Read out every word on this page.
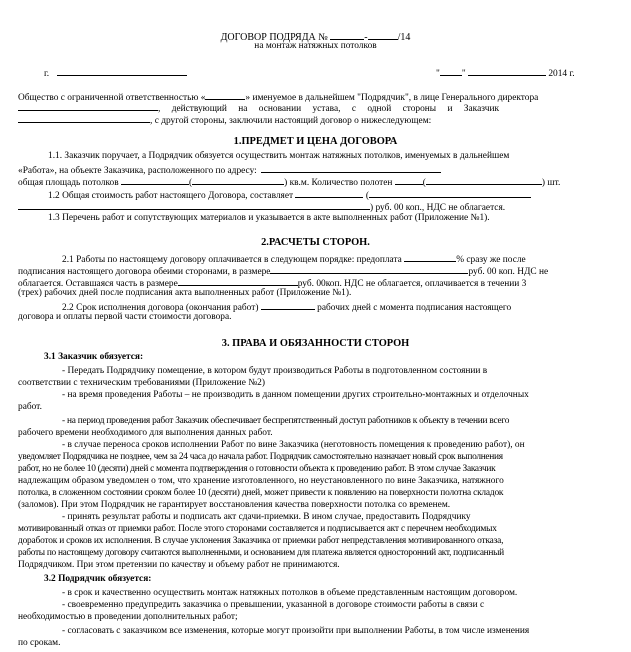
ДОГОВОР ПОДРЯДА №	-	/14
на монтаж натяжных потолков
г.	" "	2014 г.
Общество с ограниченной ответственностью «	» именуемое в дальнейшем "Подрядчик", в лице Генерального директора
, действующий на основании устава, с одной стороны и Заказчик
, с другой стороны, заключили настоящий договор о нижеследующем:
1.ПРЕДМЕТ И ЦЕНА ДОГОВОРА
1.1. Заказчик поручает, а Подрядчик обязуется осуществить монтаж натяжных потолков, именуемых в дальнейшем
«Работа», на объекте Заказчика, расположенного по адресу:
общая площадь потолков	(	) кв.м. Количество полотен	(	) шт.
1.2 Общая стоимость работ настоящего Договора, составляет	(
) руб. 00 коп., НДС не облагается.
1.3 Перечень работ и сопутствующих материалов и указывается в акте выполненных работ (Приложение №1).
2.РАСЧЕТЫ СТОРОН.
2.1 Работы по настоящему договору оплачивается в следующем порядке: предоплата	% сразу же после
подписания настоящего договора обеими сторонами, в размере	руб. 00 коп. НДС не
облагается. Оставшаяся часть в размере	руб. 00коп. НДС не облагается, оплачивается в течении 3
(трех) рабочих дней после подписания акта выполненных работ (Приложение №1).
2.2 Срок исполнения договора (окончания работ)	рабочих дней с момента подписания настоящего
договора и оплаты первой части стоимости договора.
3. ПРАВА И ОБЯЗАННОСТИ СТОРОН
3.1 Заказчик обязуется:
- Передать Подрядчику помещение, в котором будут производиться Работы в подготовленном состоянии в
соответствии с техническим требованиями (Приложение №2)
- на время проведения Работы – не производить в данном помещении других строительно-монтажных и отделочных
работ.
- на период проведения работ Заказчик обеспечивает беспрепятственный доступ работников к объекту в течении всего
рабочего времени необходимого для выполнения данных работ.
- в случае переноса сроков исполнении Работ по вине Заказчика (неготовность помещения к проведению работ), он
уведомляет Подрядчика не позднее, чем за 24 часа до начала работ. Подрядчик самостоятельно назначает новый срок выполнения
работ, но не более 10 (десяти) дней с момента подтверждения о готовности объекта к проведению работ. В этом случае Заказчик
надлежащим образом уведомлен о том, что хранение изготовленного, но неустановленного по вине Заказчика, натяжного
потолка, в сложенном состоянии сроком более 10 (десяти) дней, может привести к появлению на поверхности полотна складок
(заломов). При этом Подрядчик не гарантирует восстановления качества поверхности потолка со временем.
- принять результат работы и подписать акт сдачи-приемки. В ином случае, предоставить Подрядчику
мотивированный отказ от приемки работ. После этого сторонами составляется и подписывается акт с перечнем необходимых
доработок и сроков их исполнения. В случае уклонения Заказчика от приемки работ непредставления мотивированного отказа,
работы по настоящему договору считаются выполненными, и основанием для платежа является односторонний акт, подписанный
Подрядчиком. При этом претензии по качеству и объему работ не принимаются.
3.2 Подрядчик обязуется:
- в срок и качественно осуществить монтаж натяжных потолков в объеме представленным настоящим договором.
- своевременно предупредить заказчика о превышении, указанной в договоре стоимости работы в связи с
необходимостью в проведении дополнительных работ;
- согласовать с заказчиком все изменения, которые могут произойти при выполнении Работы, в том числе изменения
по срокам.
